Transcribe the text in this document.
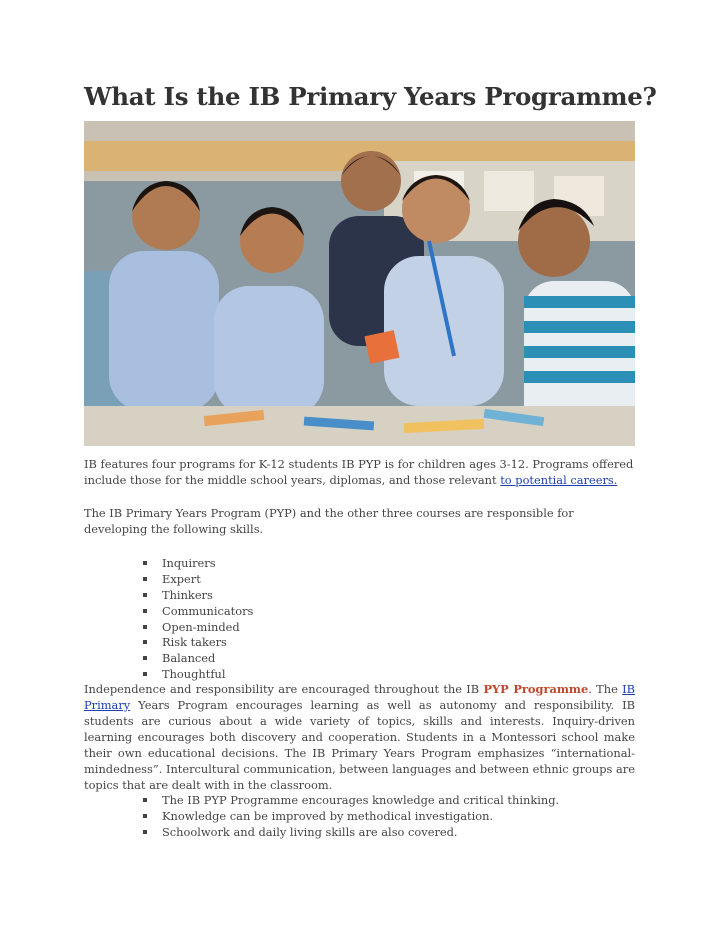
What Is the IB Primary Years Programme?

IB features four programs for K-12 students IB PYP is for children ages 3-12. Programs offered include those for the middle school years, diplomas, and those relevant to potential careers.

The IB Primary Years Program (PYP) and the other three courses are responsible for developing the following skills.

Inquirers
Expert
Thinkers
Communicators
Open-minded
Risk takers
Balanced
Thoughtful

Independence and responsibility are encouraged throughout the IB PYP Programme. The IB Primary Years Program encourages learning as well as autonomy and responsibility. IB students are curious about a wide variety of topics, skills and interests. Inquiry-driven learning encourages both discovery and cooperation. Students in a Montessori school make their own educational decisions. The IB Primary Years Program emphasizes “international-mindedness”. Intercultural communication, between languages and between ethnic groups are topics that are dealt with in the classroom.

The IB PYP Programme encourages knowledge and critical thinking.
Knowledge can be improved by methodical investigation.
Schoolwork and daily living skills are also covered.
